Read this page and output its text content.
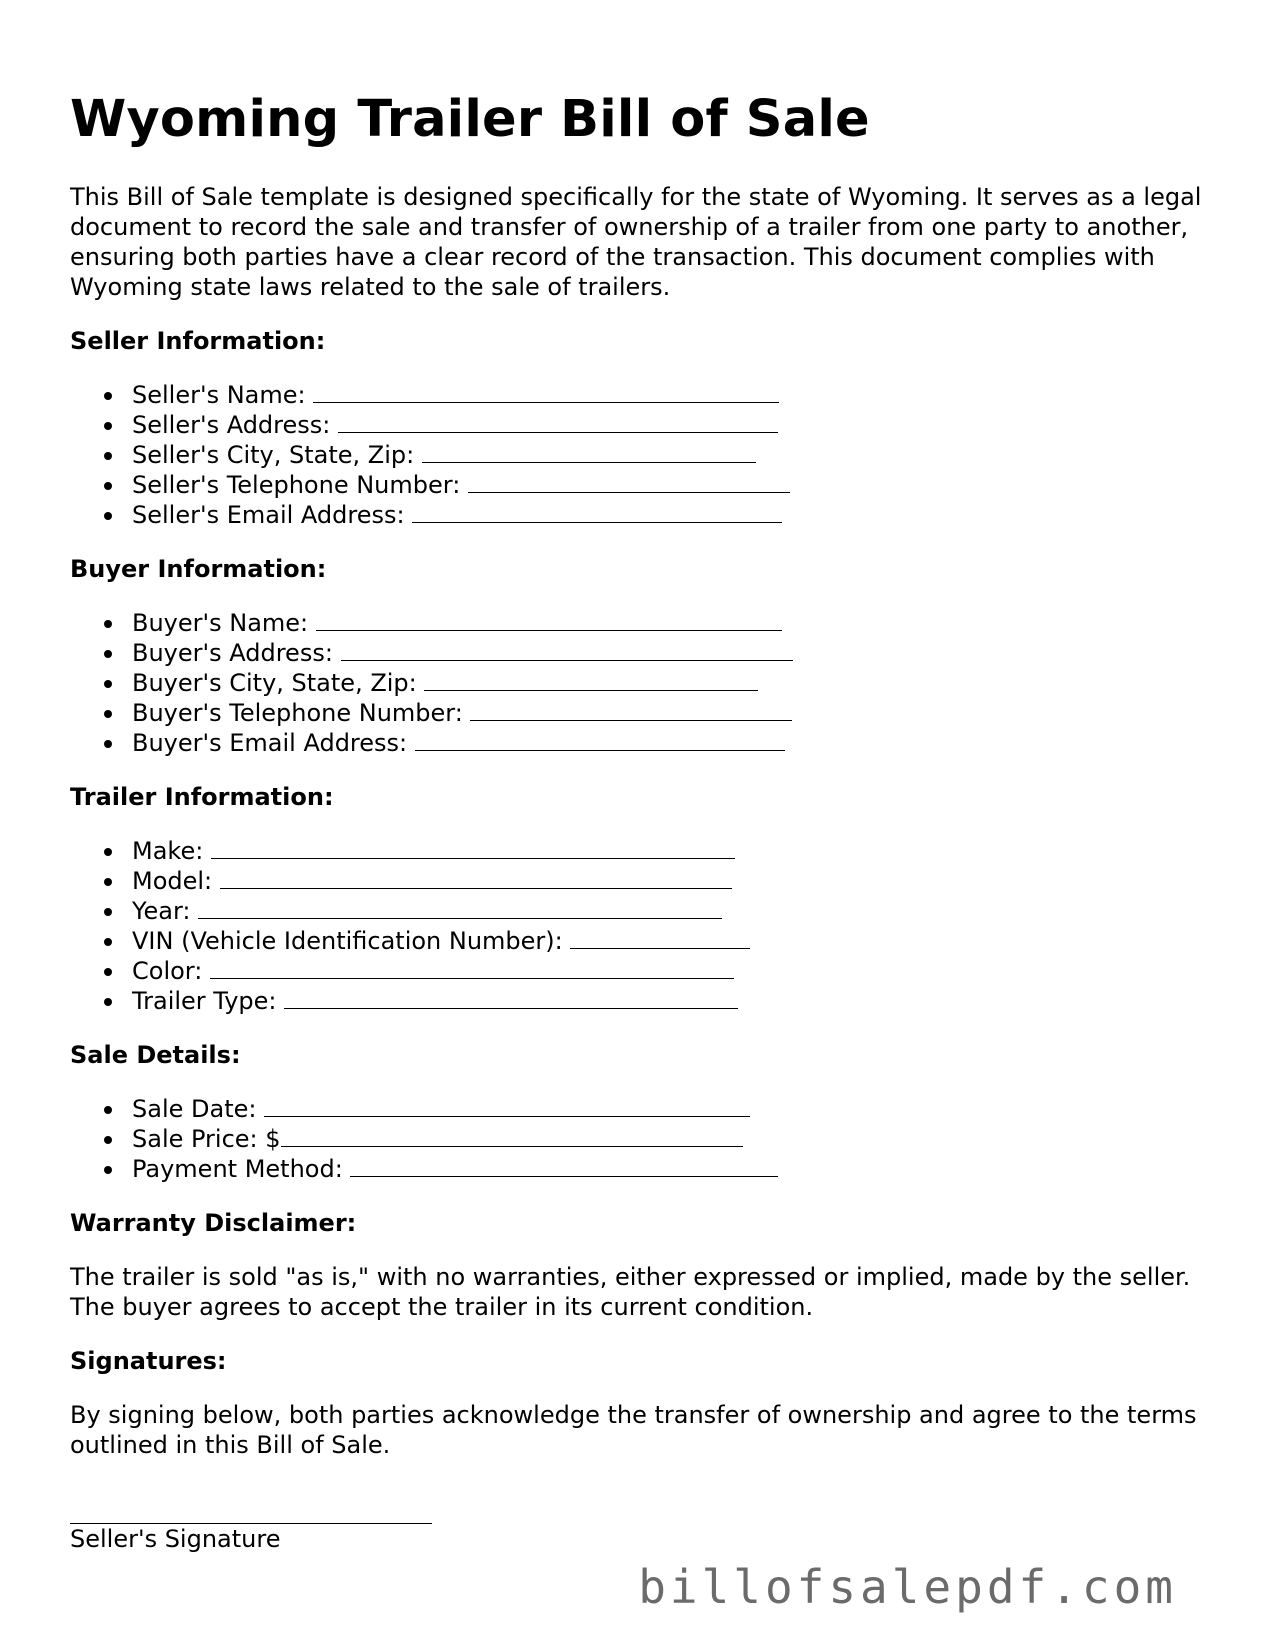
Wyoming Trailer Bill of Sale

This Bill of Sale template is designed specifically for the state of Wyoming. It serves as a legal document to record the sale and transfer of ownership of a trailer from one party to another, ensuring both parties have a clear record of the transaction. This document complies with Wyoming state laws related to the sale of trailers.

Seller Information:
Seller's Name:
Seller's Address:
Seller's City, State, Zip:
Seller's Telephone Number:
Seller's Email Address:
Buyer Information:
Buyer's Name:
Buyer's Address:
Buyer's City, State, Zip:
Buyer's Telephone Number:
Buyer's Email Address:
Trailer Information:
Make:
Model:
Year:
VIN (Vehicle Identification Number):
Color:
Trailer Type:
Sale Details:
Sale Date:
Sale Price: $
Payment Method:
Warranty Disclaimer:

The trailer is sold "as is," with no warranties, either expressed or implied, made by the seller. The buyer agrees to accept the trailer in its current condition.

Signatures:

By signing below, both parties acknowledge the transfer of ownership and agree to the terms outlined in this Bill of Sale.

Seller's Signature
billofsalepdf.com
